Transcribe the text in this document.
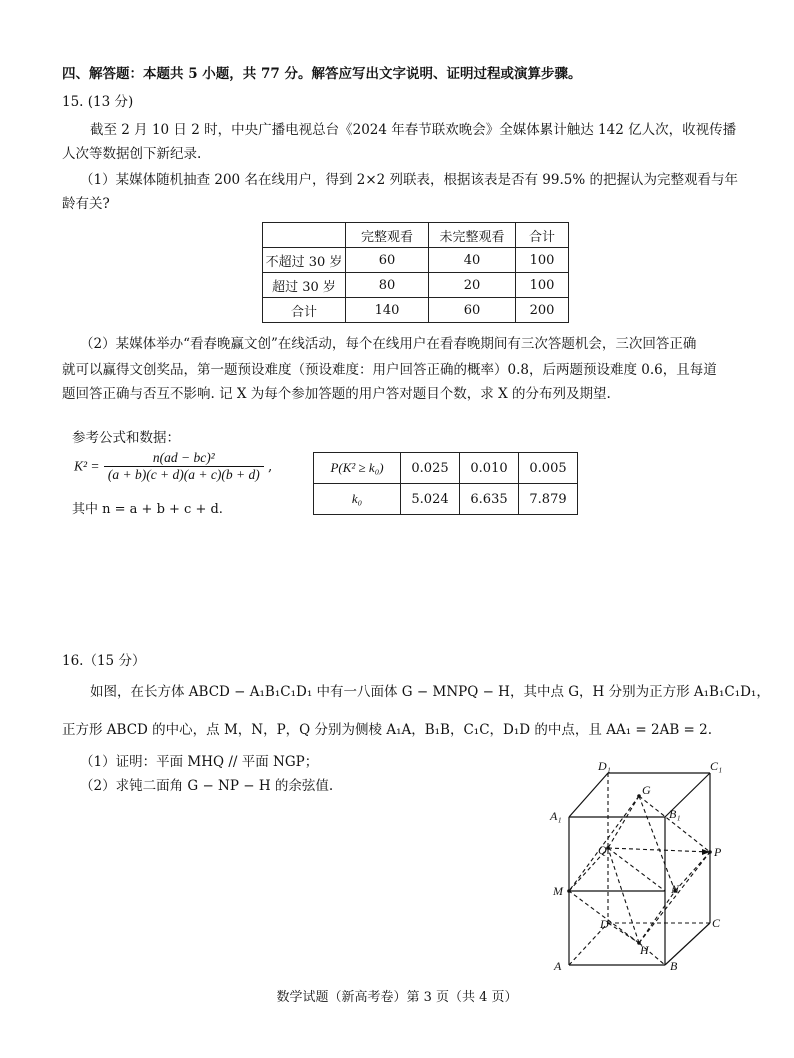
四、解答题：本题共 5 小题，共 77 分。解答应写出文字说明、证明过程或演算步骤。
15. (13 分)
截至 2 月 10 日 2 时，中央广播电视总台《2024 年春节联欢晚会》全媒体累计触达 142 亿人次，收视传播
人次等数据创下新纪录.
（1）某媒体随机抽查 200 名在线用户，得到 2×2 列联表，根据该表是否有 99.5% 的把握认为完整观看与年
龄有关?
	完整观看	未完整观看	合计
不超过 30 岁	60	40	100
超过 30 岁	80	20	100
合计	140	60	200
（2）某媒体举办“看春晚赢文创”在线活动，每个在线用户在看春晚期间有三次答题机会，三次回答正确
就可以赢得文创奖品，第一题预设难度（预设难度：用户回答正确的概率）0.8，后两题预设难度 0.6，且每道
题回答正确与否互不影响. 记 X 为每个参加答题的用户答对题目个数，求 X 的分布列及期望.
参考公式和数据：
$K^2 = \frac{\text{n(ad − bc)²}}{(a + b)(c + d)(a + c)(b + d)}$ ,
其中 n = a + b + c + d.
P(K² ≥ k₀)	0.025	0.010	0.005
k₀	5.024	6.635	7.879
16.（15 分）
如图，在长方体 ABCD − A₁B₁C₁D₁ 中有一八面体 G − MNPQ − H，其中点 G，H 分别为正方形 A₁B₁C₁D₁，
正方形 ABCD 的中心，点 M，N，P，Q 分别为侧棱 A₁A，B₁B，C₁C，D₁D 的中点，且 AA₁ = 2AB = 2.
（1）证明：平面 MHQ // 平面 NGP；
（2）求钝二面角 G − NP − H 的余弦值.
D₁	C₁
G
A₁	B₁
Q	P
M	N
D	C
H
A	B
数学试题（新高考卷）第 3 页（共 4 页）
